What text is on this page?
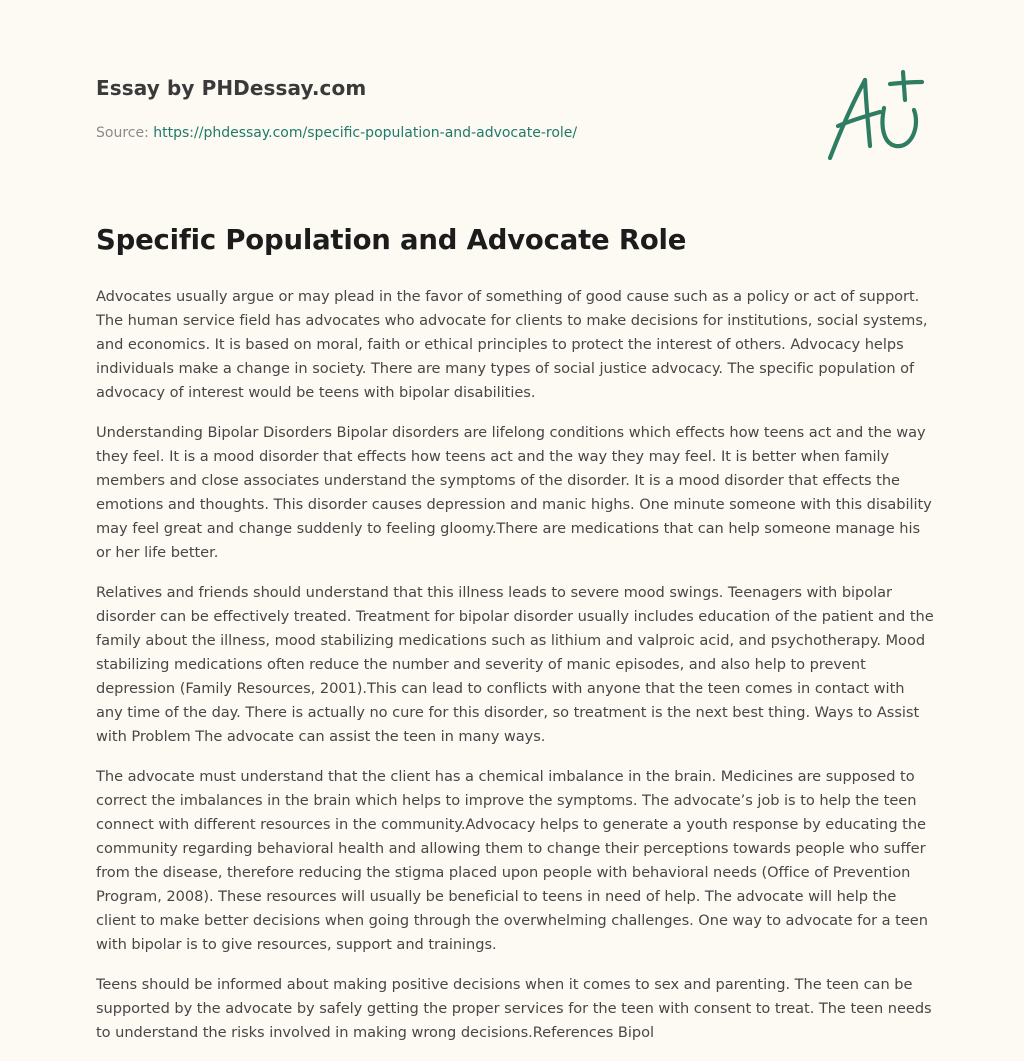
Essay by PHDessay.com
Source: https://phdessay.com/specific-population-and-advocate-role/
Specific Population and Advocate Role

Advocates usually argue or may plead in the favor of something of good cause such as a policy or act of support. The human service field has advocates who advocate for clients to make decisions for institutions, social systems, and economics. It is based on moral, faith or ethical principles to protect the interest of others. Advocacy helps individuals make a change in society. There are many types of social justice advocacy. The specific population of advocacy of interest would be teens with bipolar disabilities.

Understanding Bipolar Disorders Bipolar disorders are lifelong conditions which effects how teens act and the way they feel. It is a mood disorder that effects how teens act and the way they may feel. It is better when family members and close associates understand the symptoms of the disorder. It is a mood disorder that effects the emotions and thoughts. This disorder causes depression and manic highs. One minute someone with this disability may feel great and change suddenly to feeling gloomy.There are medications that can help someone manage his or her life better.

Relatives and friends should understand that this illness leads to severe mood swings. Teenagers with bipolar disorder can be effectively treated. Treatment for bipolar disorder usually includes education of the patient and the family about the illness, mood stabilizing medications such as lithium and valproic acid, and psychotherapy. Mood stabilizing medications often reduce the number and severity of manic episodes, and also help to prevent depression (Family Resources, 2001).This can lead to conflicts with anyone that the teen comes in contact with any time of the day. There is actually no cure for this disorder, so treatment is the next best thing. Ways to Assist with Problem The advocate can assist the teen in many ways.

The advocate must understand that the client has a chemical imbalance in the brain. Medicines are supposed to correct the imbalances in the brain which helps to improve the symptoms. The advocate’s job is to help the teen connect with different resources in the community.Advocacy helps to generate a youth response by educating the community regarding behavioral health and allowing them to change their perceptions towards people who suffer from the disease, therefore reducing the stigma placed upon people with behavioral needs (Office of Prevention Program, 2008). These resources will usually be beneficial to teens in need of help. The advocate will help the client to make better decisions when going through the overwhelming challenges. One way to advocate for a teen with bipolar is to give resources, support and trainings.

Teens should be informed about making positive decisions when it comes to sex and parenting. The teen can be supported by the advocate by safely getting the proper services for the teen with consent to treat. The teen needs to understand the risks involved in making wrong decisions.References Bipol
